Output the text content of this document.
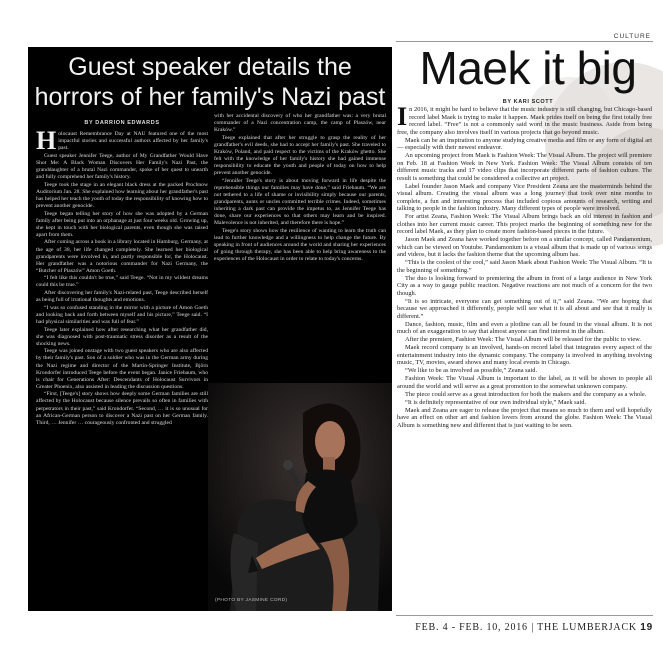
CULTURE
Guest speaker details the horrors of her family's Nazi past
BY DARRION EDWARDS

Holocaust Remembrance Day at NAU featured one of the most impactful stories and successful authors affected by her family's past.

Guest speaker Jennifer Teege, author of My Grandfather Would Have Shot Me: A Black Woman Discovers Her Family's Nazi Past, the granddaughter of a brutal Nazi commander, spoke of her quest to unearth and fully comprehend her family's history.

Teege took the stage in an elegant black dress at the packed Prochnow Auditorium Jan. 28. She explained how learning about her grandfather's past has helped her teach the youth of today the responsibility of knowing how to prevent another genocide.

Teege began telling her story of how she was adopted by a German family after being put into an orphanage at just four weeks old. Growing up, she kept in touch with her biological parents, even though she was raised apart from them.

After coming across a book in a library located in Hamburg, Germany, at the age of 38, her life changed completely. She learned her biological grandparents were involved in, and partly responsible for, the Holocaust. Her grandfather was a notorious commander for Nazi Germany, the “Butcher of Plaszów” Amon Goeth.

“I felt like this couldn't be true,” said Teege. “Not in my wildest dreams could this be true.”

After discovering her family's Nazi-related past, Teege described herself as being full of irrational thoughts and emotions.

“I was so confused standing in the mirror with a picture of Amon Goeth and looking back and forth between myself and his picture,” Teege said. “I had physical similarities and was full of fear.”

Teege later explained how after researching what her grandfather did, she was diagnosed with post-traumatic stress disorder as a result of the shocking news.

Teege was joined onstage with two guest speakers who are also affected by their family's past. Son of a soldier who was in the German army during the Nazi regime and director of the Martin-Springer Institute, Björn Krondorfer introduced Teege before the event began. Janice Friebaum, who is chair for Generations After: Descendants of Holocaust Survivors in Greater Phoenix, also assisted in leading the discussion questions.

“First, [Teege's] story shows how deeply some German families are still affected by the Holocaust because silence prevails so often in families with perpetrators in their past,” said Krondorfer. “Second, … it is so unusual for an African-German person to discover a Nazi past on her German family. Third, … Jennifer … courageously confronted and struggled

with her accidental discovery of who her grandfather was: a very brutal commander of a Nazi concentration camp, the camp of Plaszów, near Kraków.”

Teege explained that after her struggle to grasp the reality of her grandfather's evil deeds, she had to accept her family's past. She traveled to Kraków, Poland, and paid respect to the victims of the Kraków ghetto. She felt with the knowledge of her family's history she had gained immense responsibility to educate the youth and people of today on how to help prevent another genocide.

“Jennifer Teege's story is about moving forward in life despite the reprehensible things our families may have done,” said Friebaum. “We are not tethered to a life of shame or invisibility simply because our parents, grandparents, aunts or uncles committed terrible crimes. Indeed, sometimes inheriting a dark past can provide the impetus to, as Jennifer Teege has done, share our experiences so that others may learn and be inspired. Malevolence is not inherited, and therefore there is hope.”

Teege's story shows how the resilience of wanting to learn the truth can lead to further knowledge and a willingness to help change the future. By speaking in front of audiences around the world and sharing her experiences of going through therapy, she has been able to help bring awareness to the experiences of the Holocaust in order to relate to today's concerns.

(PHOTO BY JASMINE CORD)
Maek it big
BY KARI SCOTT

In 2016, it might be hard to believe that the music industry is still changing, but Chicago-based record label Maek is trying to make it happen. Maek prides itself on being the first totally free record label. “Free” is not a commonly said word in the music business. Aside from being free, the company also involves itself in various projects that go beyond music.

Maek can be an inspiration to anyone studying creative media and film or any form of digital art — especially with their newest endeavor.

An upcoming project from Maek is Fashion Week: The Visual Album. The project will premiere on Feb. 18 at Fashion Week in New York. Fashion Week: The Visual Album consists of ten different music tracks and 17 video clips that incorporate different parts of fashion culture. The result is something that could be considered a collective art project.

Label founder Jason Maek and company Vice President Zeana are the masterminds behind the visual album. Creating the visual album was a long journey that took over nine months to complete, a fun and interesting process that included copious amounts of research, writing and talking to people in the fashion industry. Many different types of people were involved.

For artist Zeana, Fashion Week: The Visual Album brings back an old interest in fashion and clothes into her current music career. This project marks the beginning of something new for the record label Maek, as they plan to create more fashion-based pieces in the future.

Jason Maek and Zeana have worked together before on a similar concept, called Pandamonium, which can be viewed on Youtube. Pandamonium is a visual album that is made up of various songs and videos, but it lacks the fashion theme that the upcoming album has.

“This is the coolest of the cool,” said Jason Maek about Fashion Week: The Visual Album. “It is the beginning of something.”

The duo is looking forward to premiering the album in front of a large audience in New York City as a way to gauge public reaction. Negative reactions are not much of a concern for the two though.

“It is so intricate, everyone can get something out of it,” said Zeana. “We are hoping that because we approached it differently, people will see what it is all about and see that it really is different.”

Dance, fashion, music, film and even a plotline can all be found in the visual album. It is not much of an exaggeration to say that almost anyone can find interest in the album.

After the premiere, Fashion Week: The Visual Album will be released for the public to view.

Maek record company is an involved, hands-on record label that integrates every aspect of the entertainment industry into the dynamic company. The company is involved in anything involving music, TV, movies, award shows and many local events in Chicago.

“We like to be as involved as possible,” Zeana said.

Fashion Week: The Visual Album is important to the label, as it will be shown to people all around the world and will serve as a great promotion to the somewhat unknown company.

The piece could serve as a great introduction for both the makers and the company as a whole.

“It is definitely representative of our own individual style,” Maek said.

Maek and Zeana are eager to release the project that means so much to them and will hopefully have an effect on other art and fashion lovers from around the globe. Fashion Week: The Visual Album is something new and different that is just waiting to be seen.

FEB. 4 - FEB. 10, 2016 | THE LUMBERJACK 19
